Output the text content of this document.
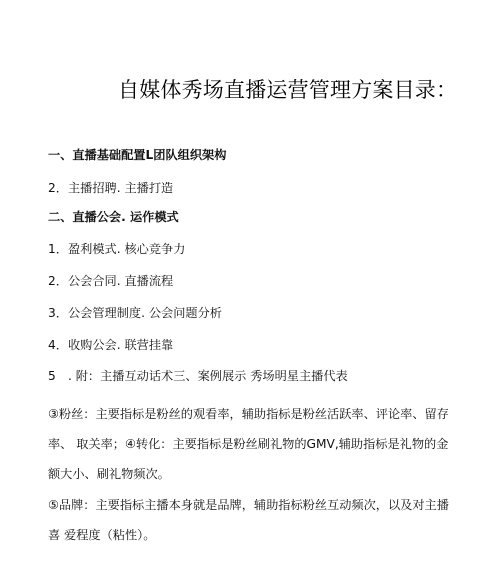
自媒体秀场直播运营管理方案目录：
一、直播基础配置L团队组织架构
2．主播招聘. 主播打造
二、直播公会. 运作模式
1．盈利模式. 核心竞争力
2．公会合同. 直播流程
3．公会管理制度. 公会问题分析
4．收购公会. 联营挂靠
5　. 附：主播互动话术三、案例展示 秀场明星主播代表
③粉丝：主要指标是粉丝的观看率，辅助指标是粉丝活跃率、评论率、留存率、 取关率；④转化：主要指标是粉丝刷礼物的GMV,辅助指标是礼物的金额大小、刷礼物频次。
⑤品牌：主要指标主播本身就是品牌，辅助指标粉丝互动频次，以及对主播喜 爱程度（粘性）。
